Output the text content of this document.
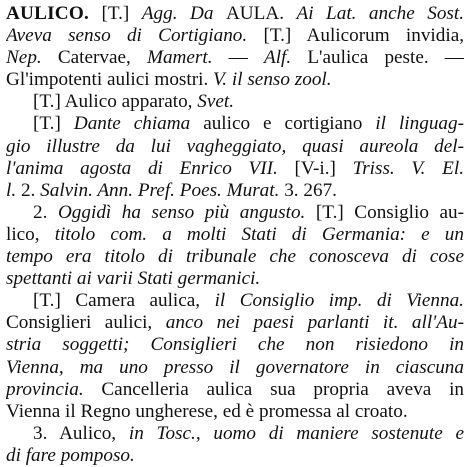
AULICO. [T.] Agg. Da AULA. Ai Lat. anche Sost.
Aveva senso di Cortigiano. [T.] Aulicorum invidia,
Nep. Catervae, Mamert. — Alf. L'aulica peste. —
Gl'impotenti aulici mostri. V. il senso zool.
[T.] Aulico apparato, Svet.
[T.] Dante chiama aulico e cortigiano il linguag-
gio illustre da lui vagheggiato, quasi aureola del-
l'anima agosta di Enrico VII. [V-i.] Triss. V. El.
l. 2. Salvin. Ann. Pref. Poes. Murat. 3. 267.
2. Oggidì ha senso più angusto. [T.] Consiglio au-
lico, titolo com. a molti Stati di Germania: e un
tempo era titolo di tribunale che conosceva di cose
spettanti ai varii Stati germanici.
[T.] Camera aulica, il Consiglio imp. di Vienna.
Consiglieri aulici, anco nei paesi parlanti it. all'Au-
stria soggetti; Consiglieri che non risiedono in
Vienna, ma uno presso il governatore in ciascuna
provincia. Cancelleria aulica sua propria aveva in
Vienna il Regno ungherese, ed è promessa al croato.
3. Aulico, in Tosc., uomo di maniere sostenute e
di fare pomposo.
